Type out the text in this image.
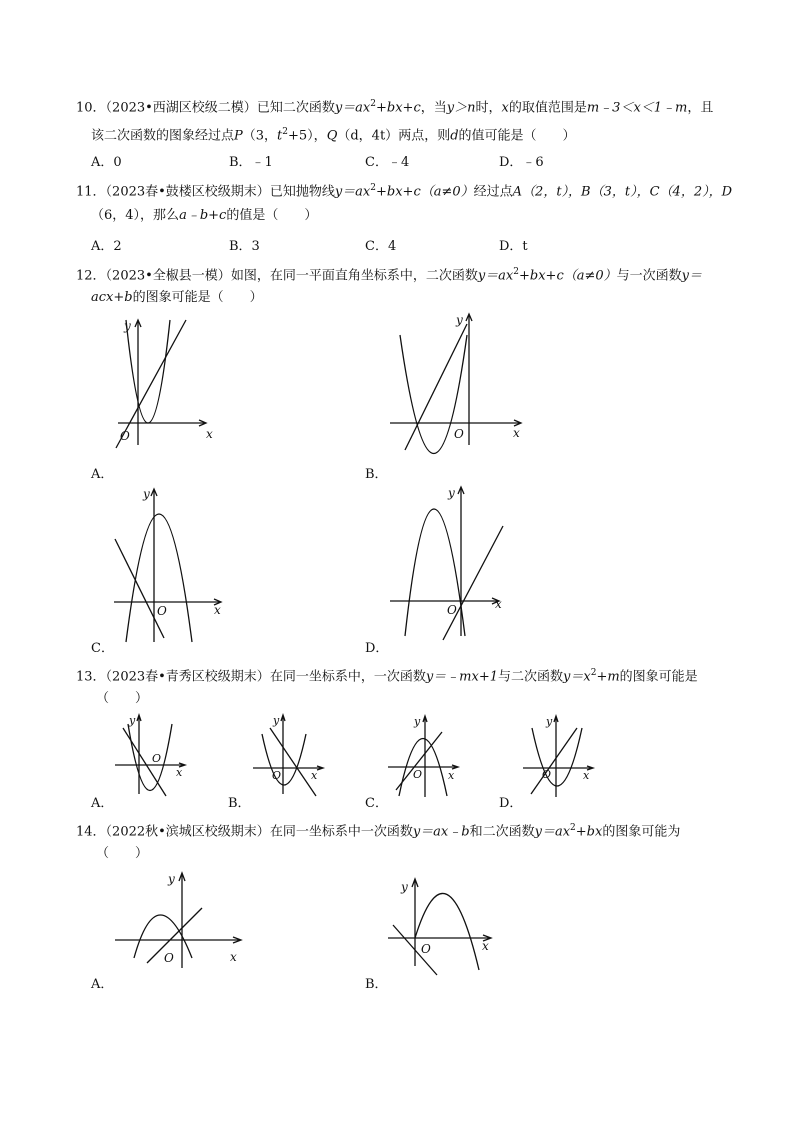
10．（2023•西湖区校级二模）已知二次函数$y=ax^2+bx+c$，当y＞n时，x的取值范围是m﹣3＜x＜1﹣m，且
该二次函数的图象经过点P（3，$t^2+5$），Q（d，4t）两点，则d的值可能是（　　）
A．0	B．﹣1	C．﹣4	D．﹣6
11．（2023春•鼓楼区校级期末）已知抛物线$y=ax^2+bx+c(a\ne 0)$经过点A（2，t），B（3，t），C（4，2），D
（6，4），那么a﹣b+c的值是（　　）
A．2	B．3	C．4	D．t
12．（2023•全椒县一模）如图，在同一平面直角坐标系中，二次函数$y=ax^2+bx+c(a\ne 0)$与一次函数y＝
acx+b的图象可能是（　　）
y
x
O
A．
y
x
O
B．
y
x
O
C．
y
x
O
D．
13．（2023春•青秀区校级期末）在同一坐标系中，一次函数y＝﹣mx+1与二次函数$y=x^2+m$的图象可能是
（　　）
y
x
O
A．
y
x
O
B．
y
x
O
C．
y
x
O
D．
14．（2022秋•滨城区校级期末）在同一坐标系中一次函数y＝ax﹣b和二次函数$y=ax^2+bx$的图象可能为
（　　）
y
x
O
A．
y
x
O
B．
